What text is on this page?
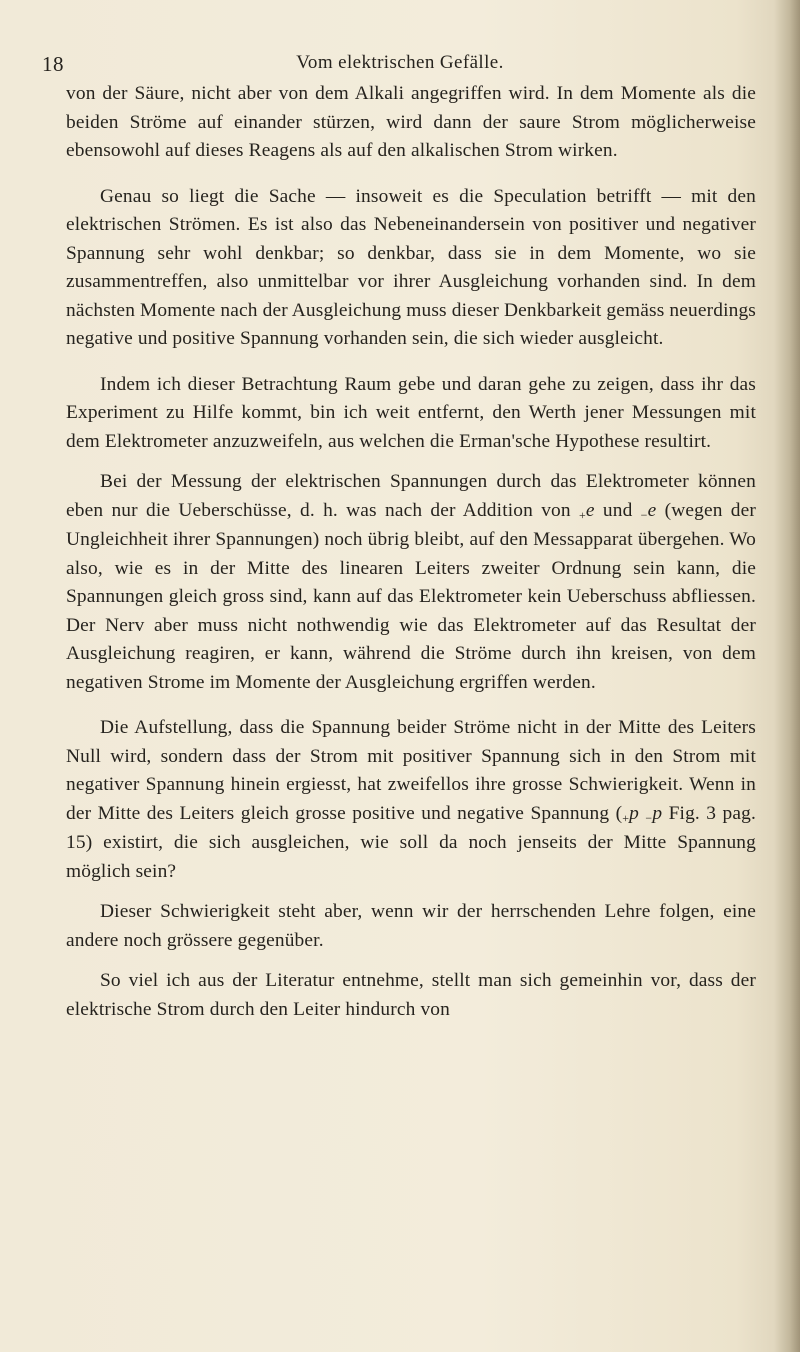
18	Vom elektrischen Gefälle.

von der Säure, nicht aber von dem Alkali angegriffen wird. In dem Momente als die beiden Ströme auf einander stürzen, wird dann der saure Strom möglicherweise ebensowohl auf dieses Reagens als auf den alkalischen Strom wirken.

Genau so liegt die Sache — insoweit es die Speculation betrifft — mit den elektrischen Strömen. Es ist also das Nebeneinandersein von positiver und negativer Spannung sehr wohl denkbar; so denkbar, dass sie in dem Momente, wo sie zusammentreffen, also unmittelbar vor ihrer Ausgleichung vorhanden sind. In dem nächsten Momente nach der Ausgleichung muss dieser Denkbarkeit gemäss neuerdings negative und positive Spannung vorhanden sein, die sich wieder ausgleicht.

Indem ich dieser Betrachtung Raum gebe und daran gehe zu zeigen, dass ihr das Experiment zu Hilfe kommt, bin ich weit entfernt, den Werth jener Messungen mit dem Elektrometer anzuzweifeln, aus welchen die Erman'sche Hypothese resultirt.

Bei der Messung der elektrischen Spannungen durch das Elektrometer können eben nur die Ueberschüsse, d. h. was nach der Addition von $_+$e und $_-$e (wegen der Ungleichheit ihrer Spannungen) noch übrig bleibt, auf den Messapparat übergehen. Wo also, wie es in der Mitte des linearen Leiters zweiter Ordnung sein kann, die Spannungen gleich gross sind, kann auf das Elektrometer kein Ueberschuss abfliessen. Der Nerv aber muss nicht nothwendig wie das Elektrometer auf das Resultat der Ausgleichung reagiren, er kann, während die Ströme durch ihn kreisen, von dem negativen Strome im Momente der Ausgleichung ergriffen werden.

Die Aufstellung, dass die Spannung beider Ströme nicht in der Mitte des Leiters Null wird, sondern dass der Strom mit positiver Spannung sich in den Strom mit negativer Spannung hinein ergiesst, hat zweifellos ihre grosse Schwierigkeit. Wenn in der Mitte des Leiters gleich grosse positive und negative Spannung ($_+p$ $_-$p Fig. 3 pag. 15) existirt, die sich ausgleichen, wie soll da noch jenseits der Mitte Spannung möglich sein?

Dieser Schwierigkeit steht aber, wenn wir der herrschenden Lehre folgen, eine andere noch grössere gegenüber.

So viel ich aus der Literatur entnehme, stellt man sich gemeinhin vor, dass der elektrische Strom durch den Leiter hindurch von
